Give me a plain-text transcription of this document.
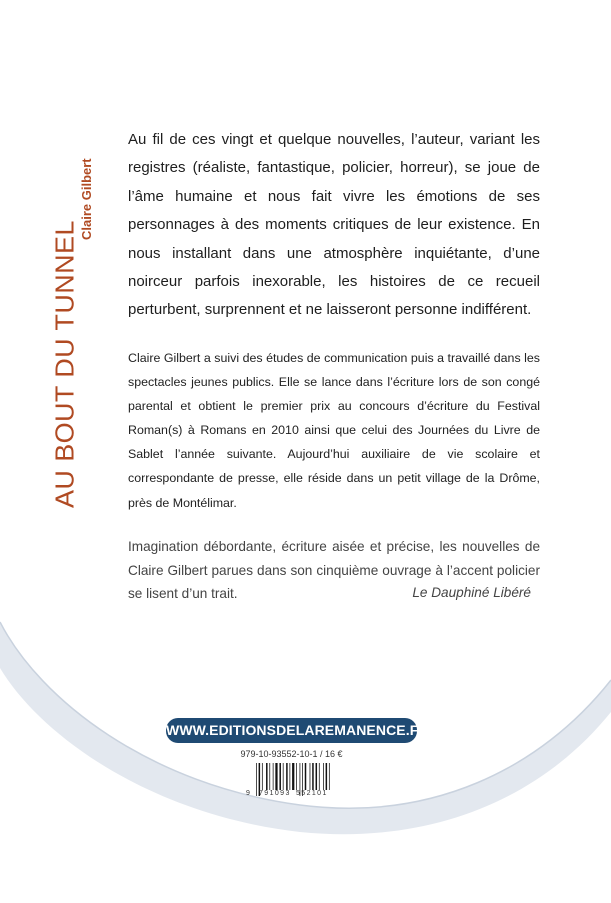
AU BOUT DU TUNNEL
Claire Gilbert

Au fil de ces vingt et quelque nouvelles, l’auteur, variant les registres (réaliste, fantastique, policier, horreur), se joue de l’âme humaine et nous fait vivre les émotions de ses personnages à des moments critiques de leur existence. En nous installant dans une atmosphère inquiétante, d’une noirceur parfois inexorable, les histoires de ce recueil perturbent, surprennent et ne laisseront personne indifférent.

Claire Gilbert a suivi des études de communication puis a travaillé dans les spectacles jeunes publics. Elle se lance dans l’écriture lors de son congé parental et obtient le premier prix au concours d’écriture du Festival Roman(s) à Romans en 2010 ainsi que celui des Journées du Livre de Sablet l’année suivante. Aujourd’hui auxiliaire de vie scolaire et correspondante de presse, elle réside dans un petit village de la Drôme, près de Montélimar.

Imagination débordante, écriture aisée et précise, les nouvelles de Claire Gilbert parues dans son cinquième ouvrage à l’accent policier se lisent d’un trait.	Le Dauphiné Libéré
WWW.EDITIONSDELAREMANENCE.FR
979-10-93552-10-1 / 16 €
9 791093 552101
